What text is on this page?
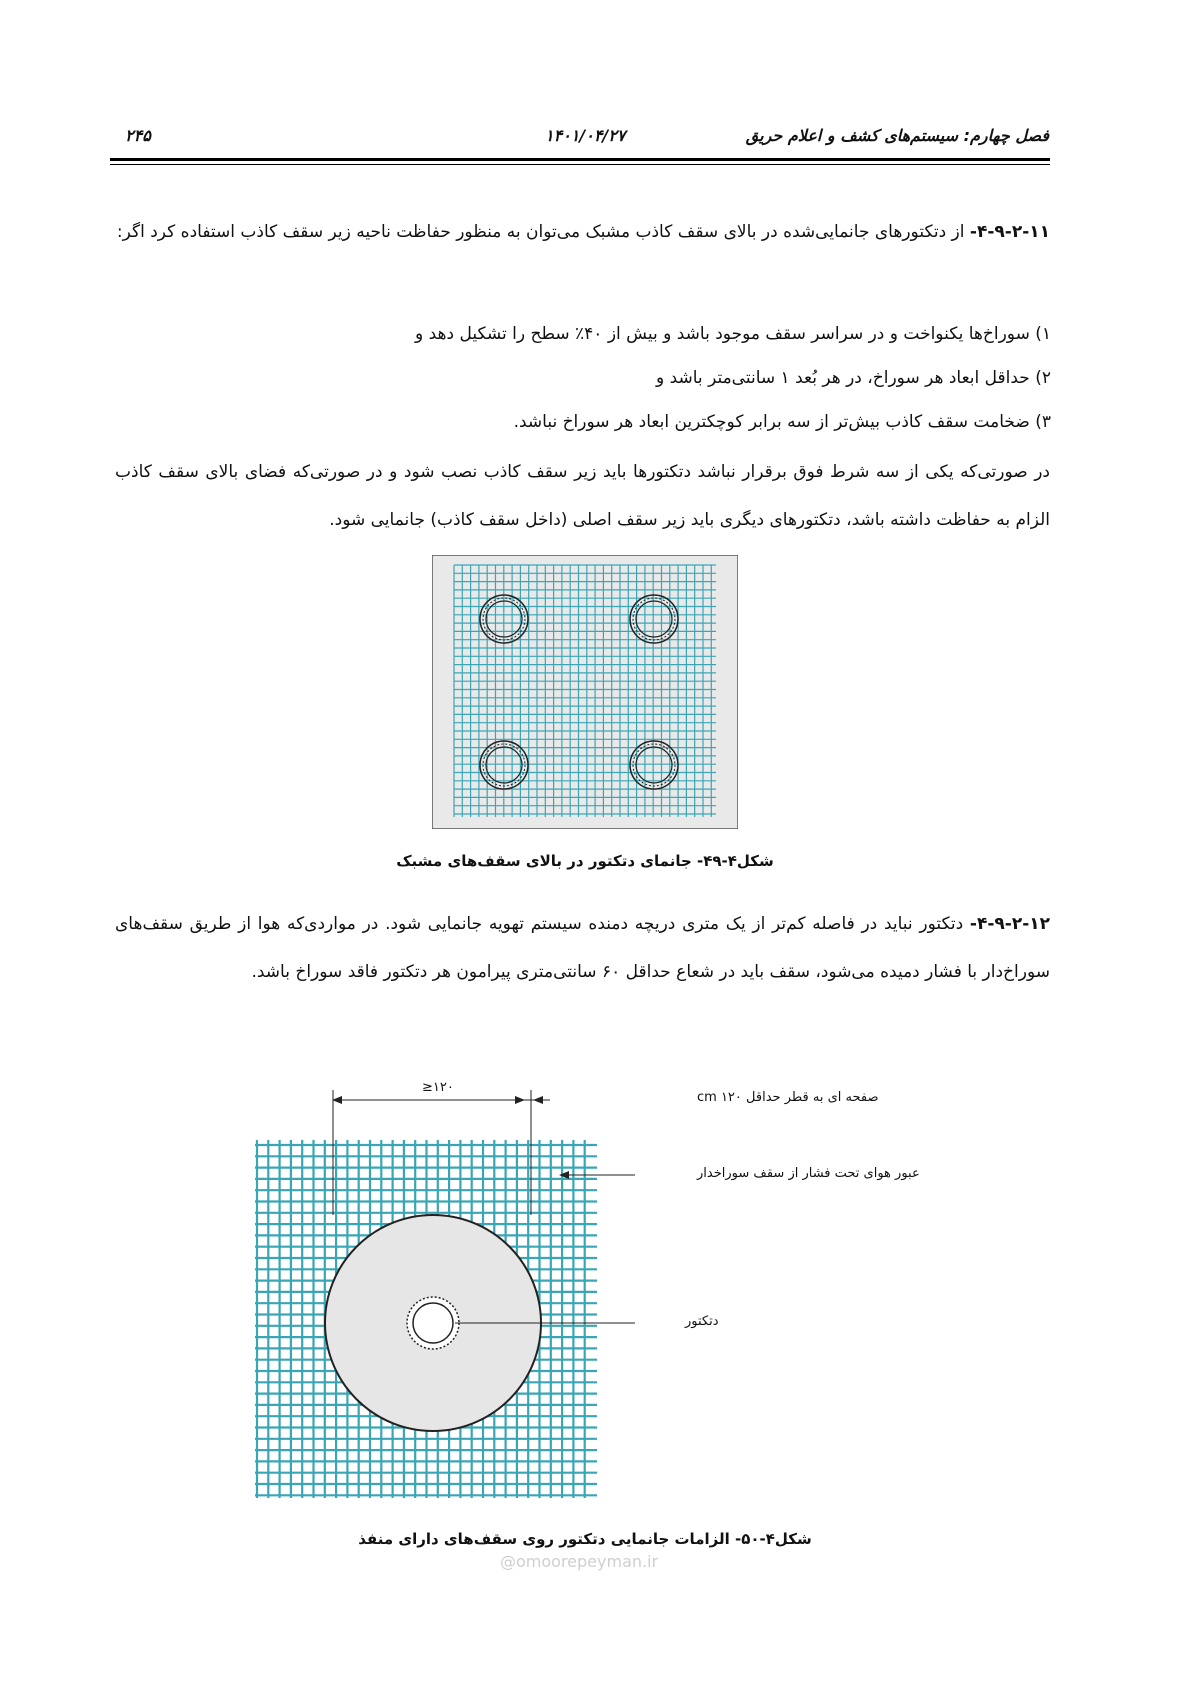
۲۴۵	۱۴۰۱/۰۴/۲۷	فصل چهارم: سیستم‌های کشف و اعلام حریق
۴-۹-۲-۱۱- از دتکتورهای جانمایی‌شده در بالای سقف کاذب مشبک می‌توان به منظور حفاظت ناحیه زیر سقف کاذب استفاده کرد اگر:
۱) سوراخ‌ها یکنواخت و در سراسر سقف موجود باشد و بیش از ۴۰٪ سطح را تشکیل دهد و
۲) حداقل ابعاد هر سوراخ، در هر بُعد ۱ سانتی‌متر باشد و
۳) ضخامت سقف کاذب بیش‌تر از سه برابر کوچکترین ابعاد هر سوراخ نباشد.
در صورتی‌که یکی از سه شرط فوق برقرار نباشد دتکتورها باید زیر سقف کاذب نصب شود و در صورتی‌که فضای بالای سقف کاذب الزام به حفاظت داشته باشد، دتکتورهای دیگری باید زیر سقف اصلی (داخل سقف کاذب) جانمایی شود.
شکل۴-۴۹- جانمای دتکتور در بالای سقف‌های مشبک
۴-۹-۲-۱۲- دتکتور نباید در فاصله کم‌تر از یک متری دریچه دمنده سیستم تهویه جانمایی شود. در مواردی‌که هوا از طریق سقف‌های سوراخ‌دار با فشار دمیده می‌شود، سقف باید در شعاع حداقل ۶۰ سانتی‌متری پیرامون هر دتکتور فاقد سوراخ باشد.
≥۱۲۰
صفحه ای به قطر حداقل ۱۲۰ cm
عبور هوای تحت فشار از سقف سوراخدار
دتکتور
شکل۴-۵۰- الزامات جانمایی دتکتور روی سقف‌های دارای منفذ
@omoorepeyman.ir
